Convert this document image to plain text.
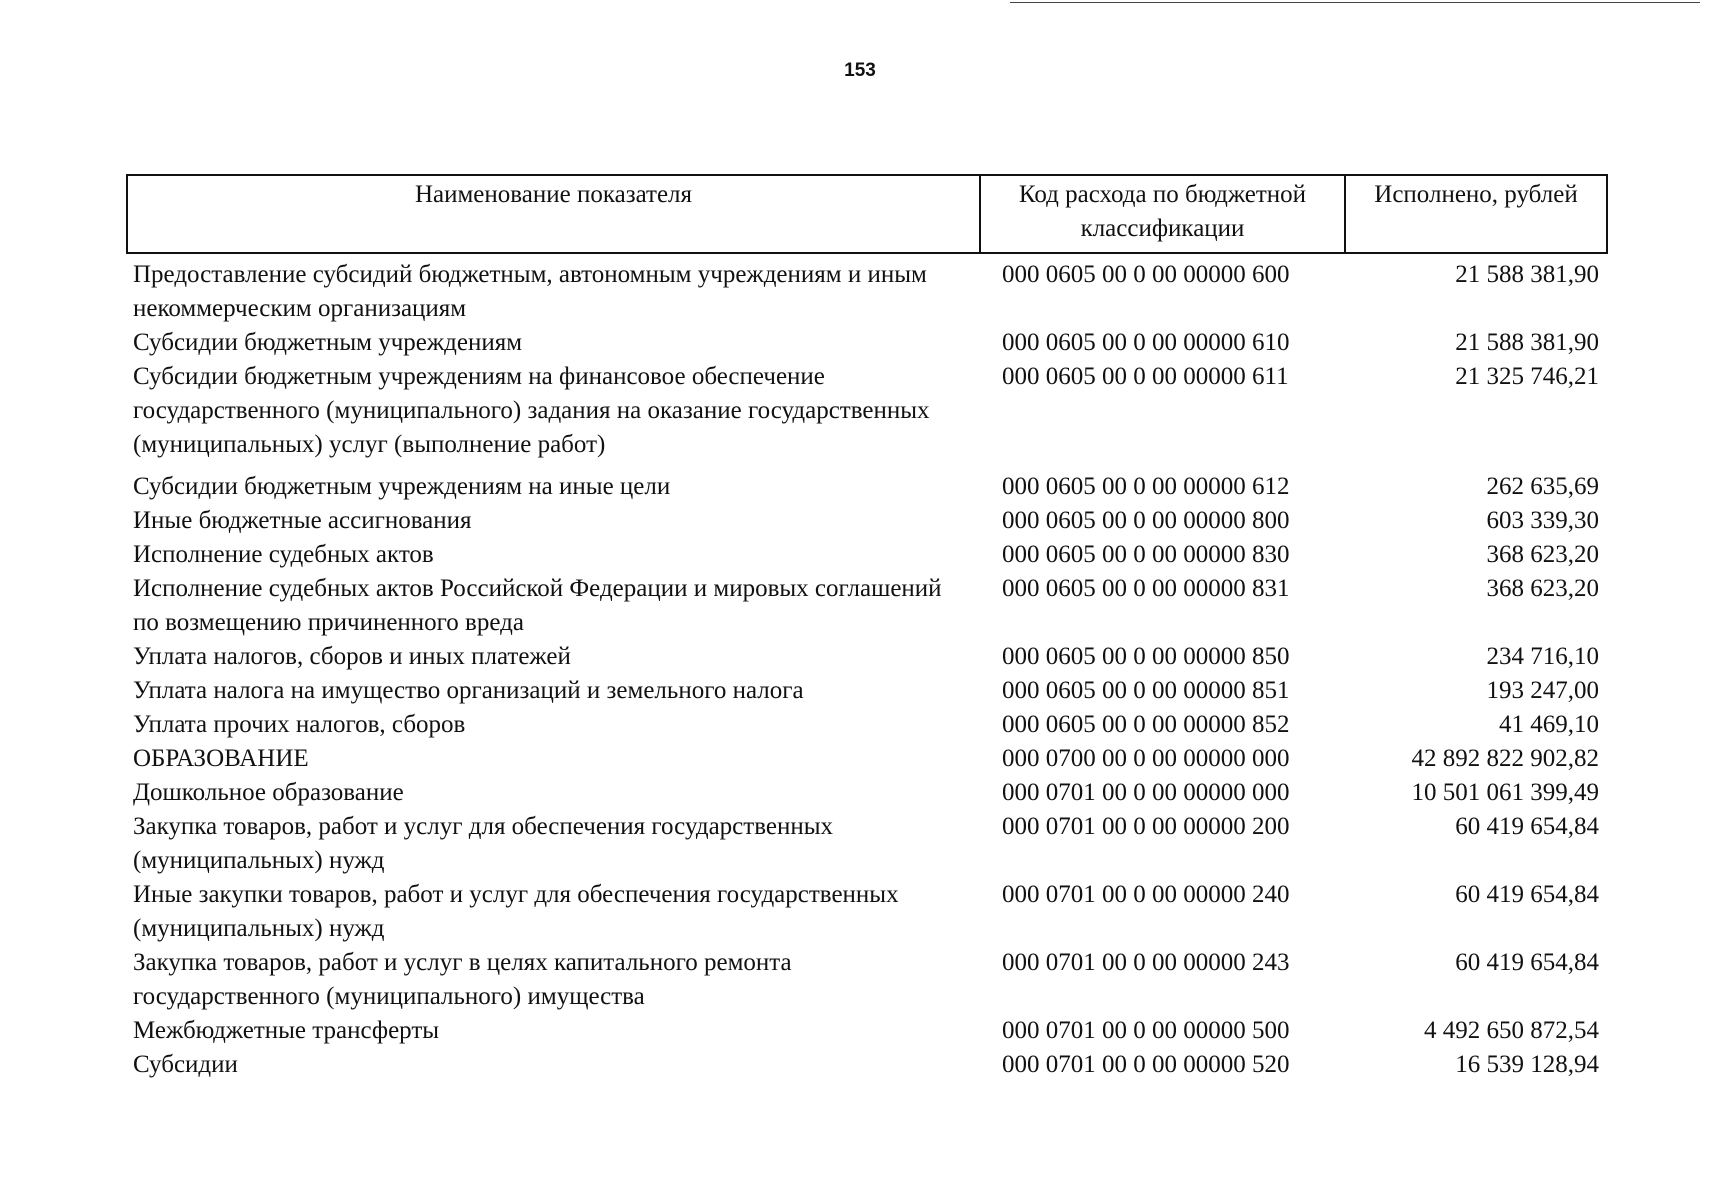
153
Наименование показателя	Код расхода по бюджетной классификации	Исполнено, рублей
Предоставление субсидий бюджетным, автономным учреждениям и иным некоммерческим организациям	000 0605 00 0 00 00000 600	21 588 381,90
Субсидии бюджетным учреждениям	000 0605 00 0 00 00000 610	21 588 381,90
Субсидии бюджетным учреждениям на финансовое обеспечение государственного (муниципального) задания на оказание государственных (муниципальных) услуг (выполнение работ)	000 0605 00 0 00 00000 611	21 325 746,21
Субсидии бюджетным учреждениям на иные цели	000 0605 00 0 00 00000 612	262 635,69
Иные бюджетные ассигнования	000 0605 00 0 00 00000 800	603 339,30
Исполнение судебных актов	000 0605 00 0 00 00000 830	368 623,20
Исполнение судебных актов Российской Федерации и мировых соглашений по возмещению причиненного вреда	000 0605 00 0 00 00000 831	368 623,20
Уплата налогов, сборов и иных платежей	000 0605 00 0 00 00000 850	234 716,10
Уплата налога на имущество организаций и земельного налога	000 0605 00 0 00 00000 851	193 247,00
Уплата прочих налогов, сборов	000 0605 00 0 00 00000 852	41 469,10
ОБРАЗОВАНИЕ	000 0700 00 0 00 00000 000	42 892 822 902,82
Дошкольное образование	000 0701 00 0 00 00000 000	10 501 061 399,49
Закупка товаров, работ и услуг для обеспечения государственных (муниципальных) нужд	000 0701 00 0 00 00000 200	60 419 654,84
Иные закупки товаров, работ и услуг для обеспечения государственных (муниципальных) нужд	000 0701 00 0 00 00000 240	60 419 654,84
Закупка товаров, работ и услуг в целях капитального ремонта государственного (муниципального) имущества	000 0701 00 0 00 00000 243	60 419 654,84
Межбюджетные трансферты	000 0701 00 0 00 00000 500	4 492 650 872,54
Субсидии	000 0701 00 0 00 00000 520	16 539 128,94
